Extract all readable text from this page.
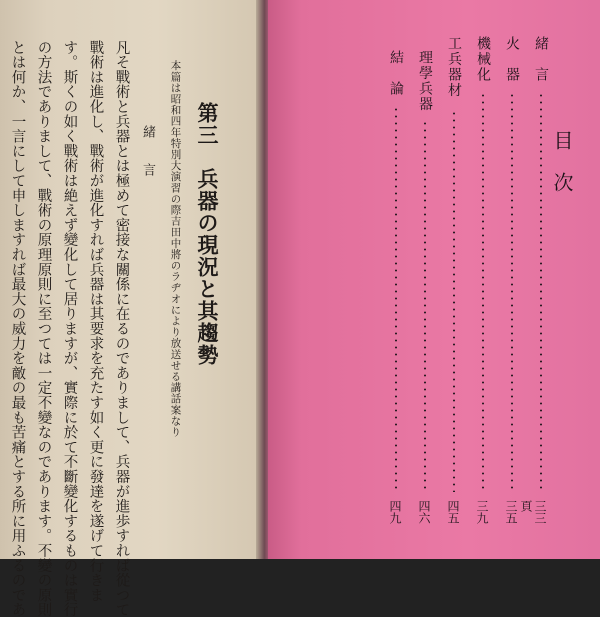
とは何か、一言にして申しますれば最大の威力を敵の最も苦痛とする所に用ふるのであ の方法でありまして、戰術の原理原則に至つては一定不變なのであります。不變の原則 す。斯くの如く戰術は絶えず變化して居りますが、實際に於て不斷變化するものは實行 戰術は進化し、戰術が進化すれば兵器は其要求を充たす如く更に發達を遂げて行きま 凡そ戰術と兵器とは極めて密接な關係に在るのでありまして、兵器が進歩すれば從つて 緒　言 本篇は昭和四年特別大演習の際吉田中將のラヂオにより放送せる講話案なり 第三　兵器の現況と其趨勢	目　次
緒　言
三三
頁
火　器
三五
機械化
三九
工兵器材
四五
理學兵器
四六
結　論
四九
